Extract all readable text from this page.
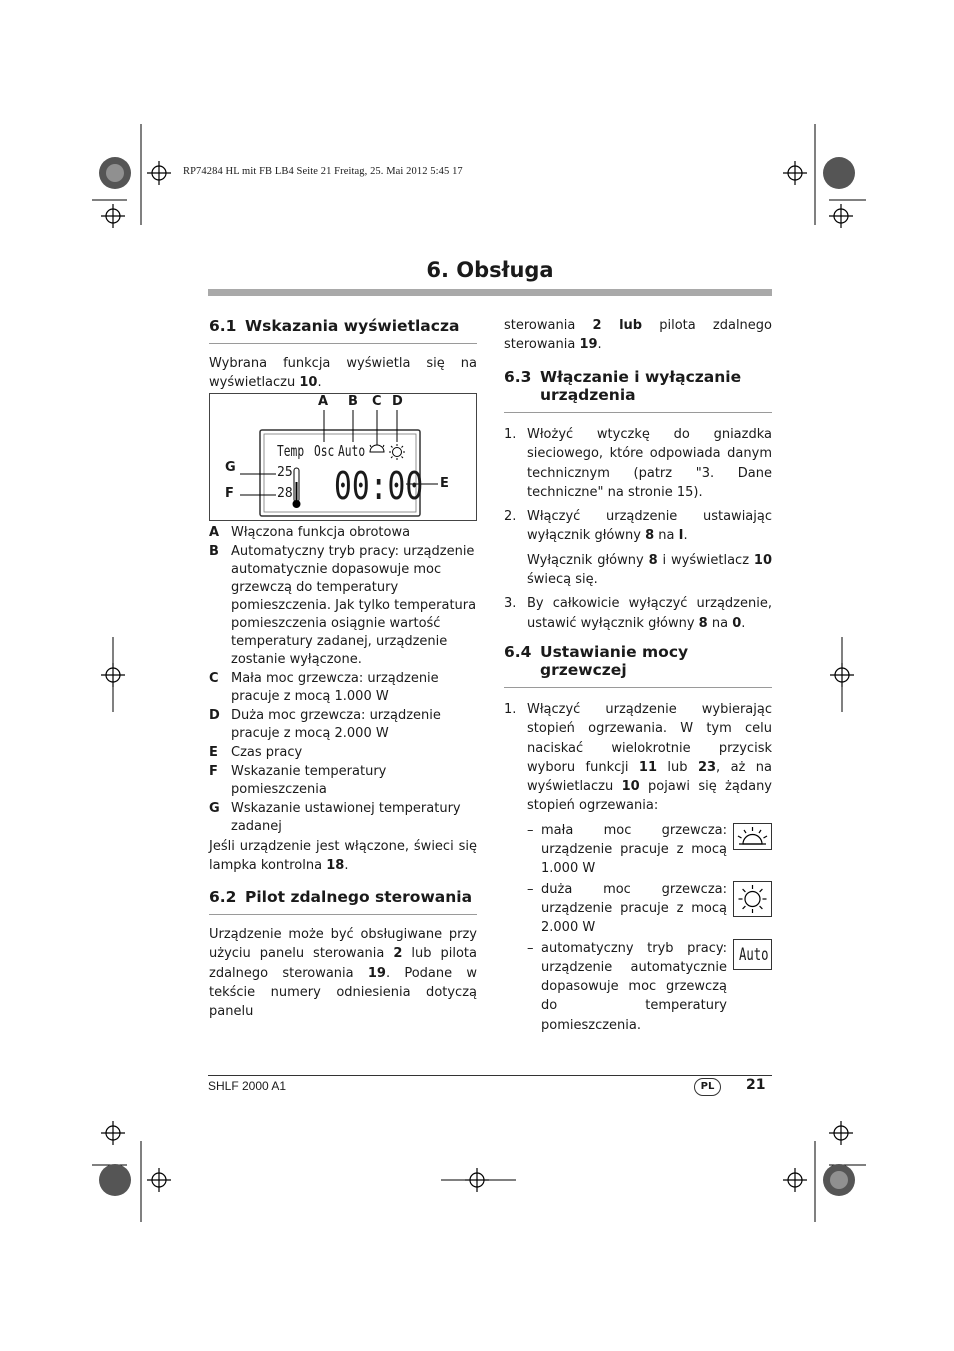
RP74284 HL mit FB LB4 Seite 21 Freitag, 25. Mai 2012 5:45 17
6. Obsługa
6.1 Wskazania wyświetlacza

Wybrana funkcja wyświetla się na wyświetlaczu 10.

A B C D
G
F
E
Temp Osc Auto
25
28 00:00
A Włączona funkcja obrotowa
B Automatyczny tryb pracy: urządzenie automatycznie dopasowuje moc grzewczą do temperatury pomieszczenia. Jak tylko temperatura pomieszczenia osiągnie wartość temperatury zadanej, urządzenie zostanie wyłączone.
C Mała moc grzewcza: urządzenie pracuje z mocą 1.000 W
D Duża moc grzewcza: urządzenie pracuje z mocą 2.000 W
E	Czas pracy
F	Wskazanie temperatury pomieszczenia
G Wskazanie ustawionej temperatury zadanej

Jeśli urządzenie jest włączone, świeci się lampka kontrolna 18.

6.2 Pilot zdalnego sterowania

Urządzenie może być obsługiwane przy użyciu panelu sterowania 2 lub pilota zdalnego sterowania 19. Podane w tekście numery odniesienia dotyczą panelu

sterowania 2 lub pilota zdalnego sterowania 19.

6.3 Włączanie i wyłączanie urządzenia
1. Włożyć wtyczkę do gniazdka sieciowego, które odpowiada danym technicznym (patrz "3. Dane techniczne" na stronie 15).
2. Włączyć urządzenie ustawiając wyłącznik główny 8 na I.
Wyłącznik główny 8 i wyświetlacz 10 świecą się.
3. By całkowicie wyłączyć urządzenie, ustawić wyłącznik główny 8 na 0.
6.4 Ustawianie mocy grzewczej
1. Włączyć urządzenie wybierając stopień ogrzewania. W tym celu naciskać wielokrotnie przycisk wyboru funkcji 11 lub 23, aż na wyświetlaczu 10 pojawi się żądany stopień ogrzewania:
– mała moc grzewcza: urządzenie pracuje z mocą 1.000 W
– duża moc grzewcza: urządzenie pracuje z mocą 2.000 W
– automatyczny tryb pracy: urządzenie automatycznie dopasowuje moc grzewczą do temperatury pomieszczenia.
Auto
SHLF 2000 A1	PL	21
